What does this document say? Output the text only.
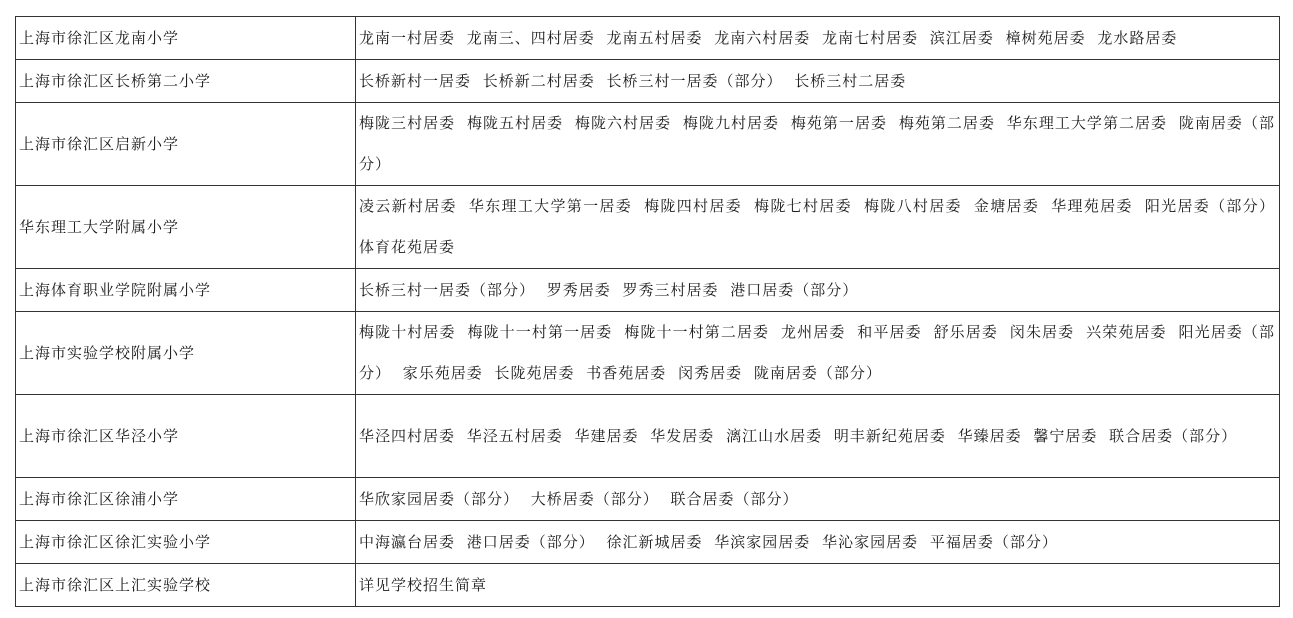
上海市徐汇区龙南小学	龙南一村居委 龙南三、四村居委 龙南五村居委 龙南六村居委 龙南七村居委 滨江居委 樟树苑居委 龙水路居委
上海市徐汇区长桥第二小学	长桥新村一居委 长桥新二村居委 长桥三村一居委（部分） 长桥三村二居委
上海市徐汇区启新小学	梅陇三村居委 梅陇五村居委 梅陇六村居委 梅陇九村居委 梅苑第一居委 梅苑第二居委 华东理工大学第二居委 陇南居委（部分）
华东理工大学附属小学	凌云新村居委 华东理工大学第一居委 梅陇四村居委 梅陇七村居委 梅陇八村居委 金塘居委 华理苑居委 阳光居委（部分） 体育花苑居委
上海体育职业学院附属小学	长桥三村一居委（部分） 罗秀居委 罗秀三村居委 港口居委（部分）
上海市实验学校附属小学	梅陇十村居委 梅陇十一村第一居委 梅陇十一村第二居委 龙州居委 和平居委 舒乐居委 闵朱居委 兴荣苑居委 阳光居委（部分） 家乐苑居委 长陇苑居委 书香苑居委 闵秀居委 陇南居委（部分）
上海市徐汇区华泾小学	华泾四村居委 华泾五村居委 华建居委 华发居委 漓江山水居委 明丰新纪苑居委 华臻居委 馨宁居委 联合居委（部分）
上海市徐汇区徐浦小学	华欣家园居委（部分） 大桥居委（部分） 联合居委（部分）
上海市徐汇区徐汇实验小学	中海瀛台居委 港口居委（部分） 徐汇新城居委 华滨家园居委 华沁家园居委 平福居委（部分）
上海市徐汇区上汇实验学校	详见学校招生简章
